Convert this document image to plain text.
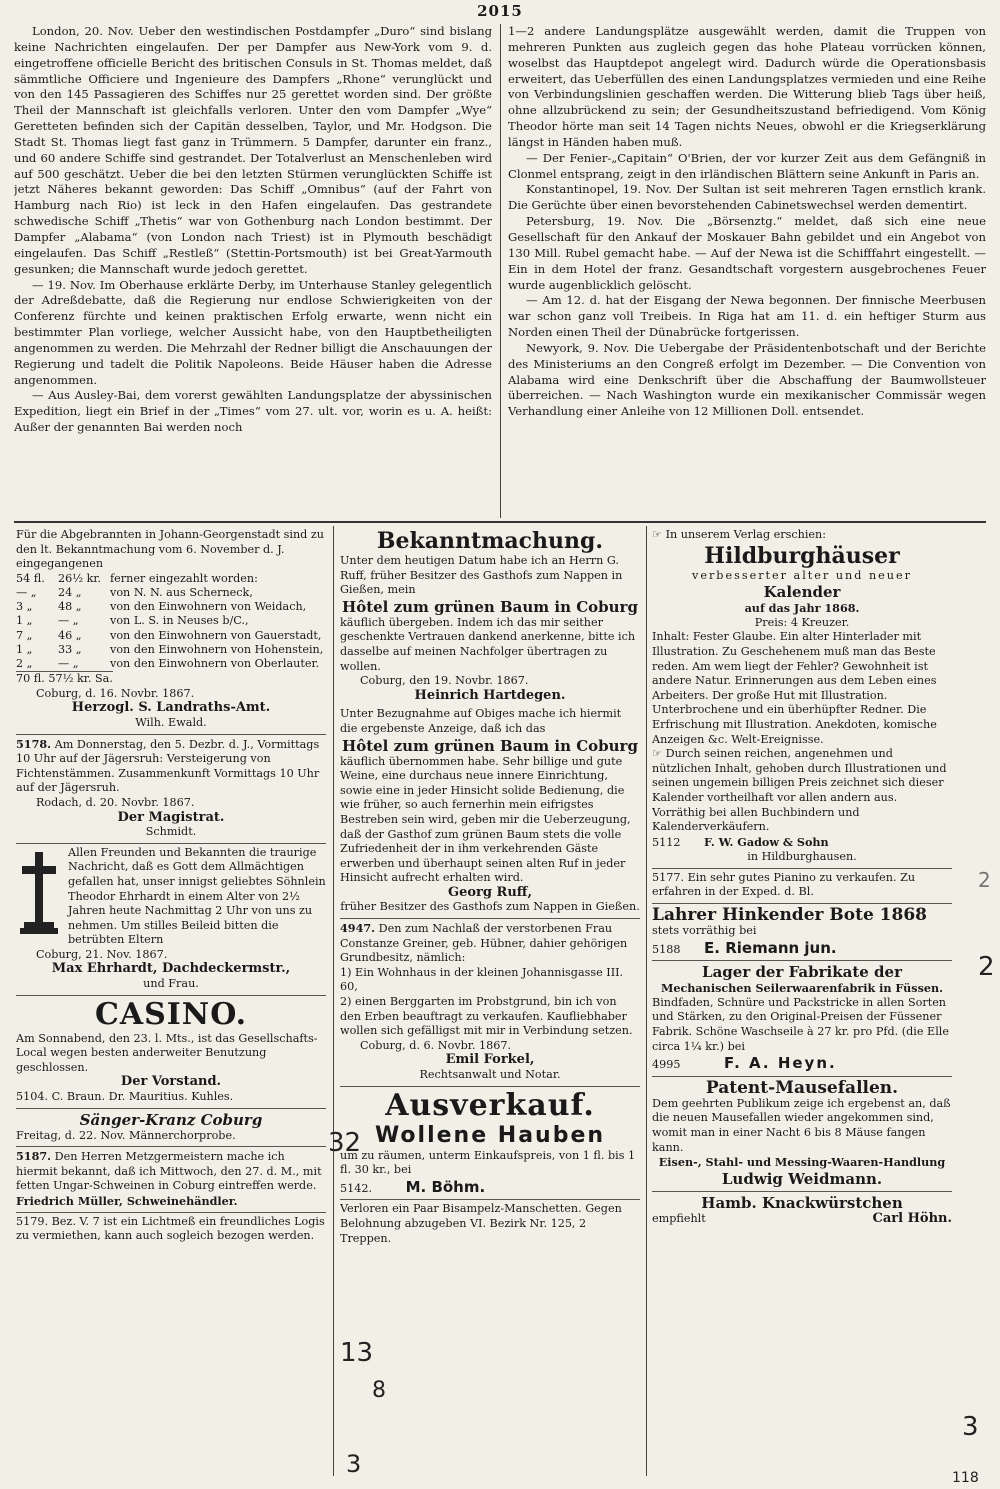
2015

London, 20. Nov. Ueber den westindischen Postdampfer „Duro“ sind bislang keine Nachrichten eingelaufen. Der per Dampfer aus New-York vom 9. d. eingetroffene officielle Bericht des britischen Consuls in St. Thomas meldet, daß sämmtliche Officiere und Ingenieure des Dampfers „Rhone“ verunglückt und von den 145 Passagieren des Schiffes nur 25 gerettet worden sind. Der größte Theil der Mannschaft ist gleichfalls verloren. Unter den vom Dampfer „Wye“ Geretteten befinden sich der Capitän desselben, Taylor, und Mr. Hodgson. Die Stadt St. Thomas liegt fast ganz in Trümmern. 5 Dampfer, darunter ein franz., und 60 andere Schiffe sind gestrandet. Der Totalverlust an Menschenleben wird auf 500 geschätzt. Ueber die bei den letzten Stürmen verunglückten Schiffe ist jetzt Näheres bekannt geworden: Das Schiff „Omnibus“ (auf der Fahrt von Hamburg nach Rio) ist leck in den Hafen eingelaufen. Das gestrandete schwedische Schiff „Thetis“ war von Gothenburg nach London bestimmt. Der Dampfer „Alabama“ (von London nach Triest) ist in Plymouth beschädigt eingelaufen. Das Schiff „Restleß“ (Stettin-Portsmouth) ist bei Great-Yarmouth gesunken; die Mannschaft wurde jedoch gerettet.

— 19. Nov. Im Oberhause erklärte Derby, im Unterhause Stanley gelegentlich der Adreßdebatte, daß die Regierung nur endlose Schwierigkeiten von der Conferenz fürchte und keinen praktischen Erfolg erwarte, wenn nicht ein bestimmter Plan vorliege, welcher Aussicht habe, von den Hauptbetheiligten angenommen zu werden. Die Mehrzahl der Redner billigt die Anschauungen der Regierung und tadelt die Politik Napoleons. Beide Häuser haben die Adresse angenommen.

— Aus Ausley-Bai, dem vorerst gewählten Landungsplatze der abyssinischen Expedition, liegt ein Brief in der „Times“ vom 27. ult. vor, worin es u. A. heißt: Außer der genannten Bai werden noch

1—2 andere Landungsplätze ausgewählt werden, damit die Truppen von mehreren Punkten aus zugleich gegen das hohe Plateau vorrücken können, woselbst das Hauptdepot angelegt wird. Dadurch würde die Operationsbasis erweitert, das Ueberfüllen des einen Landungsplatzes vermieden und eine Reihe von Verbindungslinien geschaffen werden. Die Witterung blieb Tags über heiß, ohne allzubrückend zu sein; der Gesundheitszustand befriedigend. Vom König Theodor hörte man seit 14 Tagen nichts Neues, obwohl er die Kriegserklärung längst in Händen haben muß.

— Der Fenier-„Capitain“ O'Brien, der vor kurzer Zeit aus dem Gefängniß in Clonmel entsprang, zeigt in den irländischen Blättern seine Ankunft in Paris an.

Konstantinopel, 19. Nov. Der Sultan ist seit mehreren Tagen ernstlich krank. Die Gerüchte über einen bevorstehenden Cabinetswechsel werden dementirt.

Petersburg, 19. Nov. Die „Börsenztg.“ meldet, daß sich eine neue Gesellschaft für den Ankauf der Moskauer Bahn gebildet und ein Angebot von 130 Mill. Rubel gemacht habe. — Auf der Newa ist die Schifffahrt eingestellt. — Ein in dem Hotel der franz. Gesandtschaft vorgestern ausgebrochenes Feuer wurde augenblicklich gelöscht.

— Am 12. d. hat der Eisgang der Newa begonnen. Der finnische Meerbusen war schon ganz voll Treibeis. In Riga hat am 11. d. ein heftiger Sturm aus Norden einen Theil der Dünabrücke fortgerissen.

Newyork, 9. Nov. Die Uebergabe der Präsidentenbotschaft und der Berichte des Ministeriums an den Congreß erfolgt im Dezember. — Die Convention von Alabama wird eine Denkschrift über die Abschaffung der Baumwollsteuer überreichen. — Nach Washington wurde ein mexikanischer Commissär wegen Verhandlung einer Anleihe von 12 Millionen Doll. entsendet.

Für die Abgebrannten in Johann-Georgenstadt sind zu den lt. Bekanntmachung vom 6. November d. J. eingegangenen

54 fl.	26½ kr.	ferner eingezahlt worden:
— „	24 „	von N. N. aus Scherneck,
3 „	48 „	von den Einwohnern von Weidach,
1 „	— „	von L. S. in Neuses b/C.,
7 „	46 „	von den Einwohnern von Gauerstadt,
1 „	33 „	von den Einwohnern von Hohenstein,
2 „	— „	von den Einwohnern von Oberlauter.

70 fl. 57½ kr. Sa.

Coburg, d. 16. Novbr. 1867.

Herzogl. S. Landraths-Amt.

Wilh. Ewald.

5178. Am Donnerstag, den 5. Dezbr. d. J., Vormittags 10 Uhr auf der Jägersruh: Versteigerung von Fichtenstämmen. Zusammenkunft Vormittags 10 Uhr auf der Jägersruh.

Rodach, d. 20. Novbr. 1867.

Der Magistrat.

Schmidt.

Allen Freunden und Bekannten die traurige Nachricht, daß es Gott dem Allmächtigen gefallen hat, unser innigst geliebtes Söhnlein Theodor Ehrhardt in einem Alter von 2½ Jahren heute Nachmittag 2 Uhr von uns zu nehmen. Um stilles Beileid bitten die betrübten Eltern

Coburg, 21. Nov. 1867.

Max Ehrhardt, Dachdeckermstr.,

und Frau.

CASINO.

Am Sonnabend, den 23. l. Mts., ist das Gesellschafts-Local wegen besten anderweiter Benutzung geschlossen.

Der Vorstand.

5104. C. Braun. Dr. Mauritius. Kuhles.

Sänger-Kranz Coburg

Freitag, d. 22. Nov. Männerchorprobe.

5187. Den Herren Metzgermeistern mache ich hiermit bekannt, daß ich Mittwoch, den 27. d. M., mit fetten Ungar-Schweinen in Coburg eintreffen werde.

Friedrich Müller, Schweinehändler.

5179. Bez. V. 7 ist ein Lichtmeß ein freundliches Logis zu vermiethen, kann auch sogleich bezogen werden.

Bekanntmachung.

Unter dem heutigen Datum habe ich an Herrn G. Ruff, früher Besitzer des Gasthofs zum Nappen in Gießen, mein

Hôtel zum grünen Baum in Coburg

käuflich übergeben. Indem ich das mir seither geschenkte Vertrauen dankend anerkenne, bitte ich dasselbe auf meinen Nachfolger übertragen zu wollen.

Coburg, den 19. Novbr. 1867.

Heinrich Hartdegen.

Unter Bezugnahme auf Obiges mache ich hiermit die ergebenste Anzeige, daß ich das

Hôtel zum grünen Baum in Coburg

käuflich übernommen habe. Sehr billige und gute Weine, eine durchaus neue innere Einrichtung, sowie eine in jeder Hinsicht solide Bedienung, die wie früher, so auch fernerhin mein eifrigstes Bestreben sein wird, geben mir die Ueberzeugung, daß der Gasthof zum grünen Baum stets die volle Zufriedenheit der in ihm verkehrenden Gäste erwerben und überhaupt seinen alten Ruf in jeder Hinsicht aufrecht erhalten wird.

Georg Ruff,

früher Besitzer des Gasthofs zum Nappen in Gießen.

4947. Den zum Nachlaß der verstorbenen Frau Constanze Greiner, geb. Hübner, dahier gehörigen Grundbesitz, nämlich:

1) Ein Wohnhaus in der kleinen Johannisgasse III. 60,

2) einen Berggarten im Probstgrund, bin ich von den Erben beauftragt zu verkaufen. Kaufliebhaber wollen sich gefälligst mit mir in Verbindung setzen.

Coburg, d. 6. Novbr. 1867.

Emil Forkel,

Rechtsanwalt und Notar.

Ausverkauf.

Wollene Hauben

um zu räumen, unterm Einkaufspreis, von 1 fl. bis 1 fl. 30 kr., bei

5142. M. Böhm.

Verloren ein Paar Bisampelz-Manschetten. Gegen Belohnung abzugeben VI. Bezirk Nr. 125, 2 Treppen.

☞ In unserem Verlag erschien:

Hildburghäuser

verbesserter alter und neuer

Kalender

auf das Jahr 1868.

Preis: 4 Kreuzer.

Inhalt: Fester Glaube. Ein alter Hinterlader mit Illustration. Zu Geschehenem muß man das Beste reden. Am wem liegt der Fehler? Gewohnheit ist andere Natur. Erinnerungen aus dem Leben eines Arbeiters. Der große Hut mit Illustration. Unterbrochene und ein überhüpfter Redner. Die Erfrischung mit Illustration. Anekdoten, komische Anzeigen &c. Welt-Ereignisse.

☞ Durch seinen reichen, angenehmen und nützlichen Inhalt, gehoben durch Illustrationen und seinen ungemein billigen Preis zeichnet sich dieser Kalender vortheilhaft vor allen andern aus.

Vorräthig bei allen Buchbindern und Kalenderverkäufern.

5112 F. W. Gadow & Sohn

in Hildburghausen.

5177. Ein sehr gutes Pianino zu verkaufen. Zu erfahren in der Exped. d. Bl.

Lahrer Hinkender Bote 1868

stets vorräthig bei

5188 E. Riemann jun.

Lager der Fabrikate der

Mechanischen Seilerwaarenfabrik in Füssen.

Bindfaden, Schnüre und Packstricke in allen Sorten und Stärken, zu den Original-Preisen der Füssener Fabrik. Schöne Waschseile à 27 kr. pro Pfd. (die Elle circa 1¼ kr.) bei

4995	F. A. Heyn.

Patent-Mausefallen.

Dem geehrten Publikum zeige ich ergebenst an, daß die neuen Mausefallen wieder angekommen sind, womit man in einer Nacht 6 bis 8 Mäuse fangen kann.

Eisen-, Stahl- und Messing-Waaren-Handlung

Ludwig Weidmann.

Hamb. Knackwürstchen

empfiehlt	Carl Höhn.

32
13
8
3
2
3
118
2
